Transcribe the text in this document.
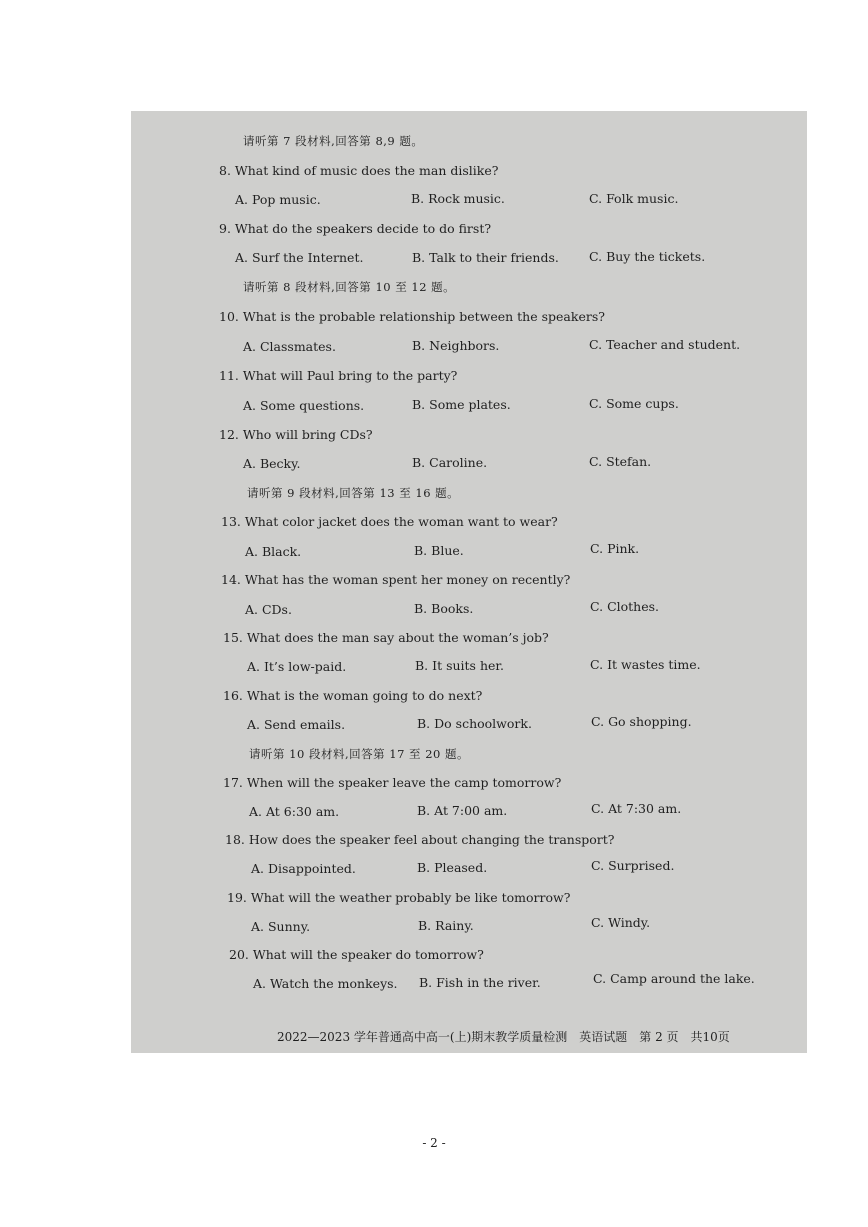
请听第 7 段材料,回答第 8,9 题。
8. What kind of music does the man dislike?
A. Pop music.	B. Rock music.	C. Folk music.
9. What do the speakers decide to do first?
A. Surf the Internet.	B. Talk to their friends. C. Buy the tickets.
请听第 8 段材料,回答第 10 至 12 题。
10. What is the probable relationship between the speakers?
A. Classmates.	B. Neighbors.	C. Teacher and student.
11. What will Paul bring to the party?
A. Some questions.	B. Some plates.	C. Some cups.
12. Who will bring CDs?
A. Becky.	B. Caroline.	C. Stefan.
请听第 9 段材料,回答第 13 至 16 题。
13. What color jacket does the woman want to wear?
A. Black.	B. Blue.	C. Pink.
14. What has the woman spent her money on recently?
A. CDs.	B. Books.	C. Clothes.
15. What does the man say about the woman’s job?
A. It’s low-paid.	B. It suits her.	C. It wastes time.
16. What is the woman going to do next?
A. Send emails.	B. Do schoolwork.	C. Go shopping.
请听第 10 段材料,回答第 17 至 20 题。
17. When will the speaker leave the camp tomorrow?
A. At 6:30 am.	B. At 7:00 am.	C. At 7:30 am.
18. How does the speaker feel about changing the transport?
A. Disappointed.	B. Pleased.	C. Surprised.
19. What will the weather probably be like tomorrow?
A. Sunny.	B. Rainy.	C. Windy.
20. What will the speaker do tomorrow?
A. Watch the monkeys. B. Fish in the river.	C. Camp around the lake.
2022—2023 学年普通高中高一(上)期末教学质量检测　英语试题　第 2 页　共10页
- 2 -
